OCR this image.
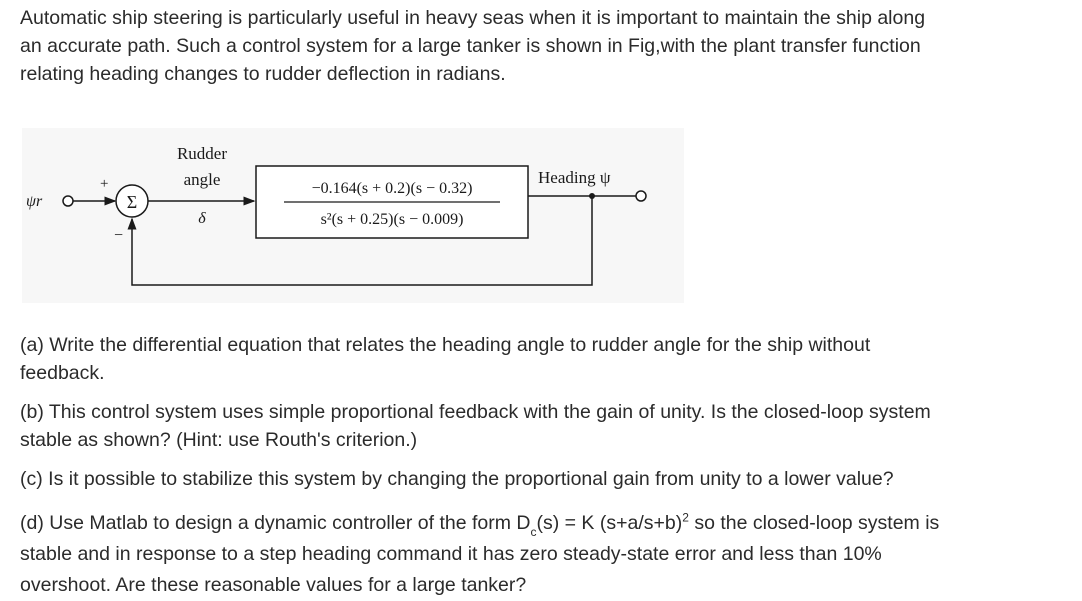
Automatic ship steering is particularly useful in heavy seas when it is important to maintain the ship along
an accurate path. Such a control system for a large tanker is shown in Fig,with the plant transfer function
relating heading changes to rudder deflection in radians.

ψr	Σ
+
−
Rudder
angle
δ
−0.164(s + 0.2)(s − 0.32)
s²(s + 0.25)(s − 0.009)
Heading ψ

(a) Write the differential equation that relates the heading angle to rudder angle for the ship without
feedback.

(b) This control system uses simple proportional feedback with the gain of unity. Is the closed-loop system
stable as shown? (Hint: use Routh's criterion.)

(c) Is it possible to stabilize this system by changing the proportional gain from unity to a lower value?

(d) Use Matlab to design a dynamic controller of the form $D_c(s) = K$ $(s+a/s+b)^2$ so the closed-loop system is
stable and in response to a step heading command it has zero steady-state error and less than 10%
overshoot. Are these reasonable values for a large tanker?
